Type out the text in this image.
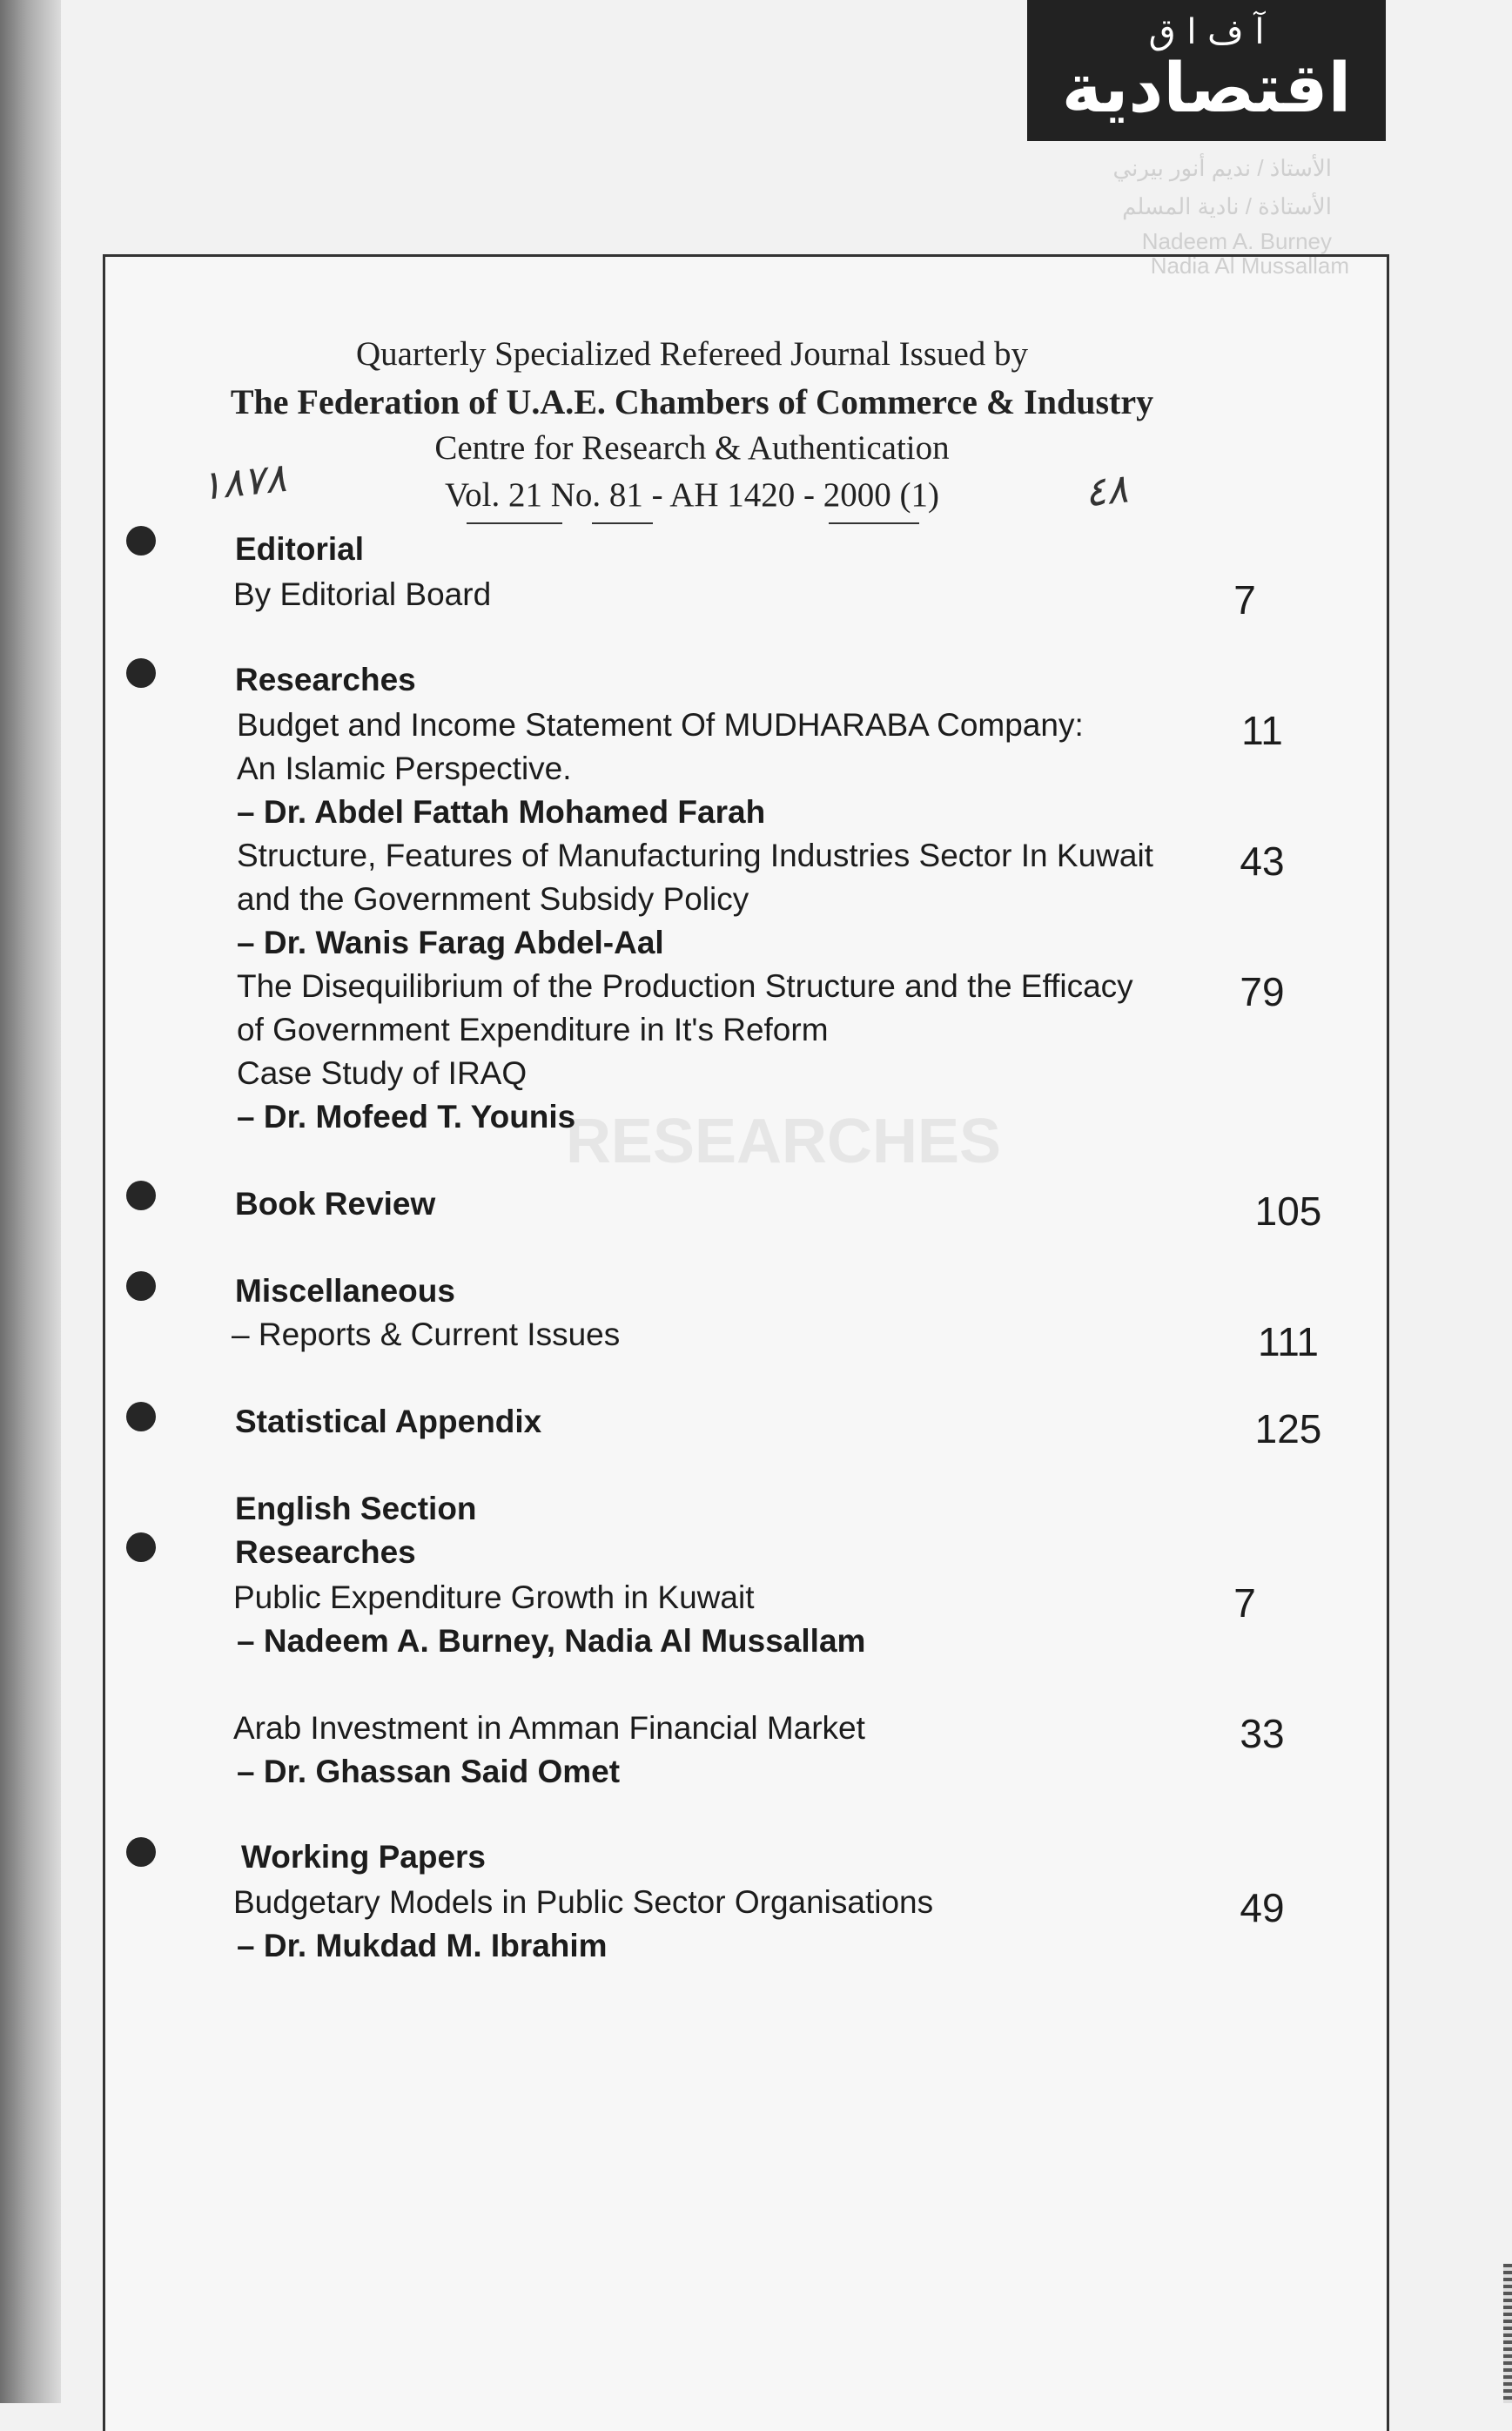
آ ف ا ق
اقتصادية
الأستاذ / نديم أنور بيرني
الأستاذة / نادية المسلم
Nadeem A. Burney
Nadia Al Mussallam
RESEARCHES
Quarterly Specialized Refereed Journal Issued by
The Federation of U.A.E. Chambers of Commerce & Industry
Centre for Research & Authentication
Vol. 21 No. 81 - AH 1420 - 2000 (1)
١٨٧٨	٤٨
Editorial
By Editorial Board	7
Researches
Budget and Income Statement Of MUDHARABA Company:	11
An Islamic Perspective.
– Dr. Abdel Fattah Mohamed Farah
Structure, Features of Manufacturing Industries Sector In Kuwait	43
and the Government Subsidy Policy
– Dr. Wanis Farag Abdel-Aal
The Disequilibrium of the Production Structure and the Efficacy	79
of Government Expenditure in It's Reform
Case Study of IRAQ
– Dr. Mofeed T. Younis
Book Review	105
Miscellaneous
– Reports & Current Issues	111
Statistical Appendix	125
English Section
Researches
Public Expenditure Growth in Kuwait	7
– Nadeem A. Burney, Nadia Al Mussallam
Arab Investment in Amman Financial Market	33
– Dr. Ghassan Said Omet
Working Papers
Budgetary Models in Public Sector Organisations	49
– Dr. Mukdad M. Ibrahim
